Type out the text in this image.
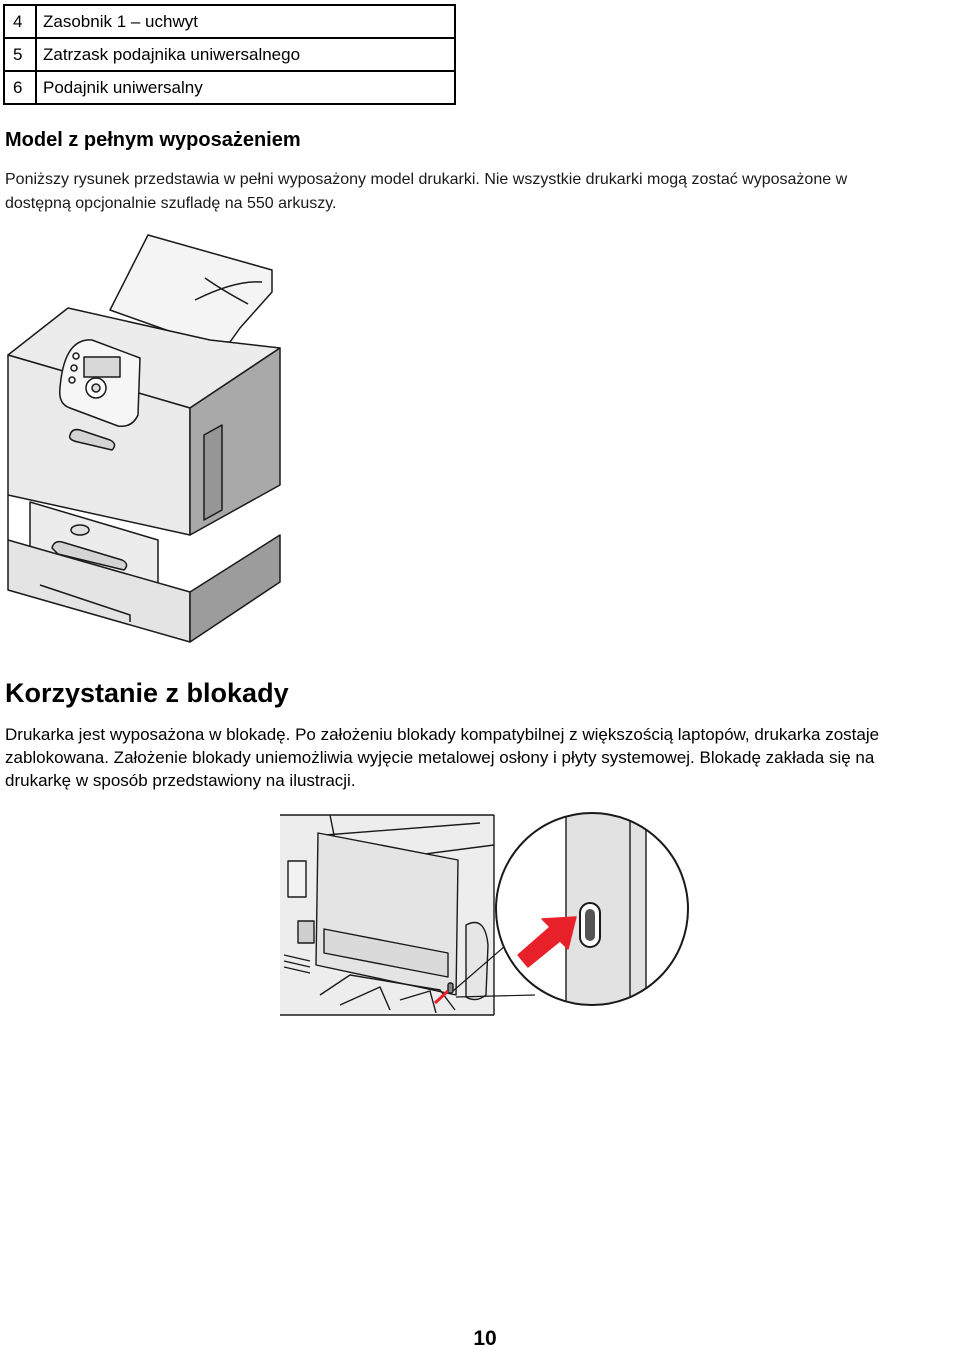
4	Zasobnik 1 – uchwyt
5	Zatrzask podajnika uniwersalnego
6	Podajnik uniwersalny
Model z pełnym wyposażeniem

Poniższy rysunek przedstawia w pełni wyposażony model drukarki. Nie wszystkie drukarki mogą zostać wyposażone w
dostępną opcjonalnie szufladę na 550 arkuszy.

Korzystanie z blokady

Drukarka jest wyposażona w blokadę. Po założeniu blokady kompatybilnej z większością laptopów, drukarka zostaje
zablokowana. Założenie blokady uniemożliwia wyjęcie metalowej osłony i płyty systemowej. Blokadę zakłada się na
drukarkę w sposób przedstawiony na ilustracji.

10
